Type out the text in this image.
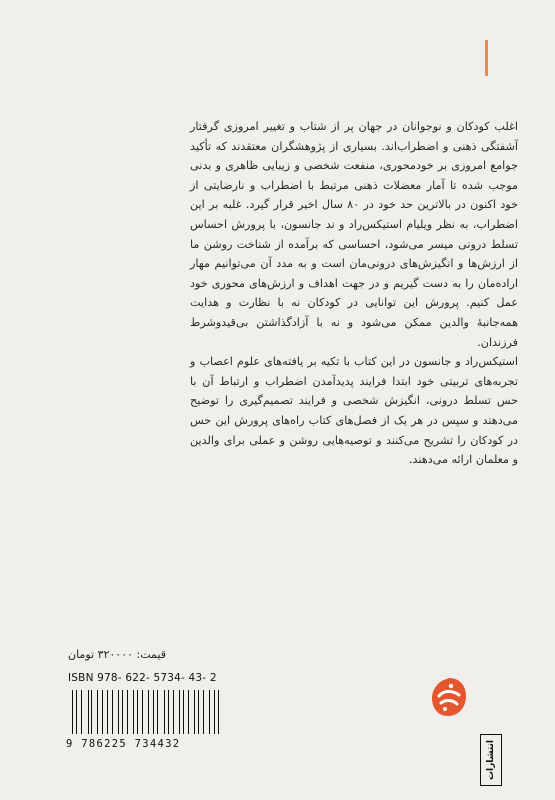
اغلب کودکان و نوجوانان در جهان پر از شتاب و تغییر امروزی گرفتار آشفتگی ذهنی و اضطراب‌اند. بسیاری از پژوهشگران معتقدند که تأکید جوامع امروزی بر خودمحوری، منفعت شخصی و زیبایی ظاهری و بدنی موجب شده تا آمار معضلات ذهنی مرتبط با اضطراب و نارضایتی از خود اکنون در بالاترین حد خود در ۸۰ سال اخیر قرار گیرد. غلبه بر این اضطراب، به نظر ویلیام استیکس‌راد و ند جانسون، با پرورش احساس تسلط درونی میسر می‌شود، احساسی که برآمده از شناخت روشن ما از ارزش‌ها و انگیزش‌های درونی‌مان است و به مدد آن می‌توانیم مهار اراده‌مان را به دست گیریم و در جهت اهداف و ارزش‌های محوری خود عمل کنیم. پرورش این توانایی در کودکان نه با نظارت و هدایت همه‌جانبهٔ والدین ممکن می‌شود و نه با آزادگذاشتن بی‌قیدوشرط فرزندان.

استیکس‌راد و جانسون در این کتاب با تکیه بر یافته‌های علوم اعصاب و تجربه‌های تربیتی خود ابتدا فرایند پدیدآمدن اضطراب و ارتباط آن با حس تسلط درونی، انگیزش شخصی و فرایند تصمیم‌گیری را توضیح می‌دهند و سپس در هر یک از فصل‌های کتاب راه‌های پرورش این حس در کودکان را تشریح می‌کنند و توصیه‌هایی روشن و عملی برای والدین و معلمان ارائه می‌دهند.

قیمت: ۳۲۰۰۰۰ تومان
ISBN 978- 622- 5734- 43- 2
9 786225 734432	انتشارات
